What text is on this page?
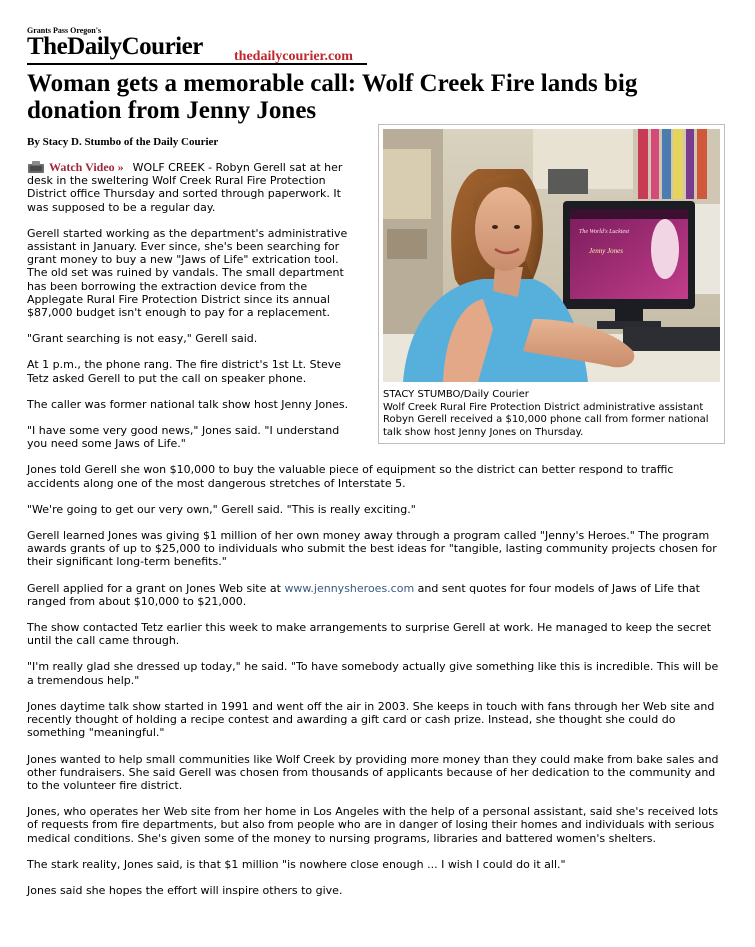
Grants Pass Oregon's
TheDailyCourier thedailycourier.com
Woman gets a memorable call: Wolf Creek Fire lands big donation from Jenny Jones
By Stacy D. Stumbo of the Daily Courier
The World's Luckiest
Jenny Jones
STACY STUMBO/Daily Courier
Wolf Creek Rural Fire Protection District administrative assistant Robyn Gerell received a $10,000 phone call from former national talk show host Jenny Jones on Thursday.

Watch Video » WOLF CREEK - Robyn Gerell sat at her desk in the sweltering Wolf Creek Rural Fire Protection District office Thursday and sorted through paperwork. It was supposed to be a regular day.

Gerell started working as the department's administrative assistant in January. Ever since, she's been searching for grant money to buy a new "Jaws of Life" extrication tool. The old set was ruined by vandals. The small department has been borrowing the extraction device from the Applegate Rural Fire Protection District since its annual $87,000 budget isn't enough to pay for a replacement.

"Grant searching is not easy," Gerell said.

At 1 p.m., the phone rang. The fire district's 1st Lt. Steve Tetz asked Gerell to put the call on speaker phone.

The caller was former national talk show host Jenny Jones.

"I have some very good news," Jones said. "I understand you need some Jaws of Life."

Jones told Gerell she won $10,000 to buy the valuable piece of equipment so the district can better respond to traffic accidents along one of the most dangerous stretches of Interstate 5.

"We're going to get our very own," Gerell said. "This is really exciting."

Gerell learned Jones was giving $1 million of her own money away through a program called "Jenny's Heroes." The program awards grants of up to $25,000 to individuals who submit the best ideas for "tangible, lasting community projects chosen for their significant long-term benefits."

Gerell applied for a grant on Jones Web site at www.jennysheroes.com and sent quotes for four models of Jaws of Life that ranged from about $10,000 to $21,000.

The show contacted Tetz earlier this week to make arrangements to surprise Gerell at work. He managed to keep the secret until the call came through.

"I'm really glad she dressed up today," he said. "To have somebody actually give something like this is incredible. This will be a tremendous help."

Jones daytime talk show started in 1991 and went off the air in 2003. She keeps in touch with fans through her Web site and recently thought of holding a recipe contest and awarding a gift card or cash prize. Instead, she thought she could do something "meaningful."

Jones wanted to help small communities like Wolf Creek by providing more money than they could make from bake sales and other fundraisers. She said Gerell was chosen from thousands of applicants because of her dedication to the community and to the volunteer fire district.

Jones, who operates her Web site from her home in Los Angeles with the help of a personal assistant, said she's received lots of requests from fire departments, but also from people who are in danger of losing their homes and individuals with serious medical conditions. She's given some of the money to nursing programs, libraries and battered women's shelters.

The stark reality, Jones said, is that $1 million "is nowhere close enough ... I wish I could do it all."

Jones said she hopes the effort will inspire others to give.
